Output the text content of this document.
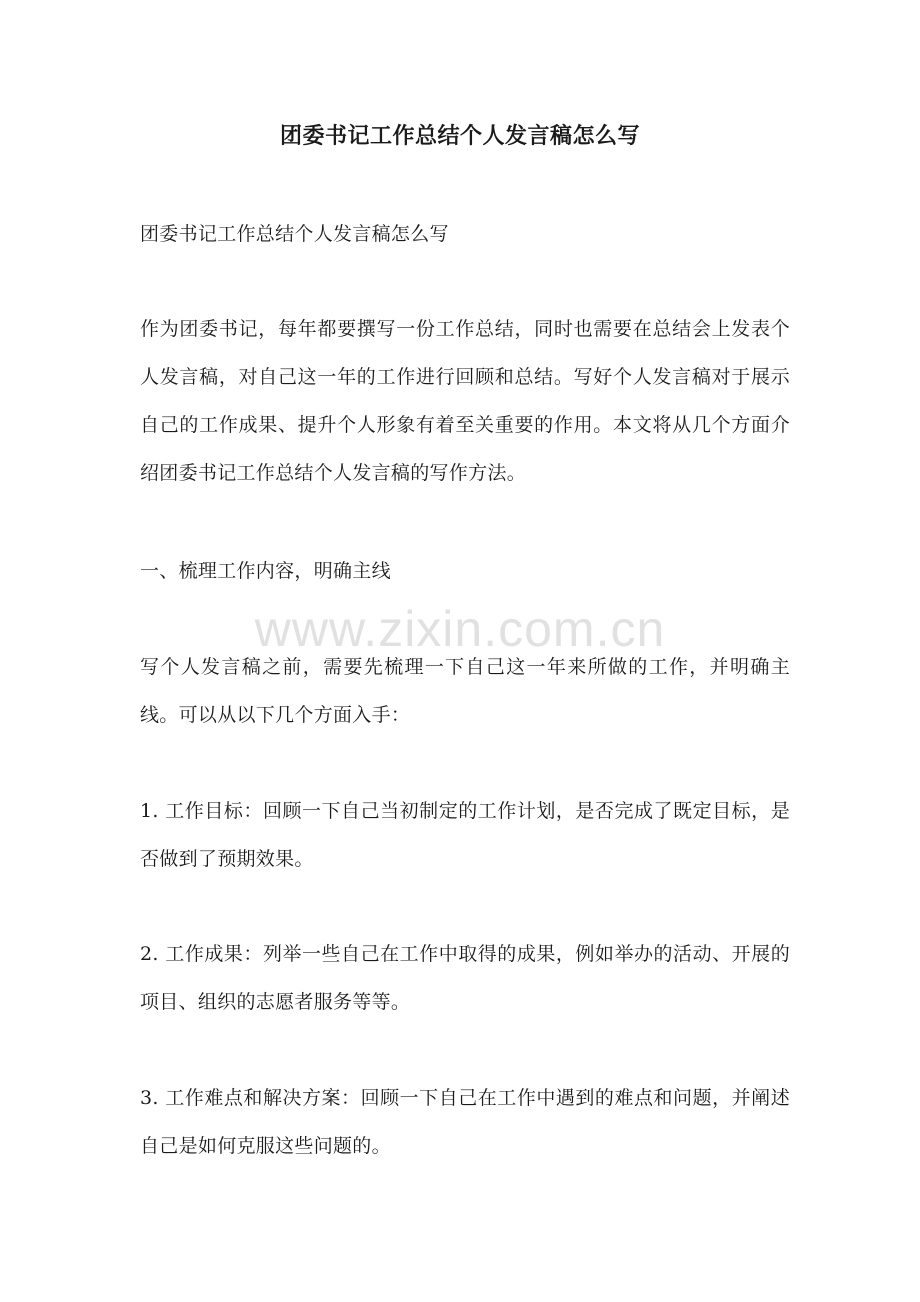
团委书记工作总结个人发言稿怎么写

团委书记工作总结个人发言稿怎么写

作为团委书记，每年都要撰写一份工作总结，同时也需要在总结会上发表个人发言稿，对自己这一年的工作进行回顾和总结。写好个人发言稿对于展示自己的工作成果、提升个人形象有着至关重要的作用。本文将从几个方面介绍团委书记工作总结个人发言稿的写作方法。

一、梳理工作内容，明确主线

写个人发言稿之前，需要先梳理一下自己这一年来所做的工作，并明确主线。可以从以下几个方面入手：

1. 工作目标：回顾一下自己当初制定的工作计划，是否完成了既定目标，是否做到了预期效果。

2. 工作成果：列举一些自己在工作中取得的成果，例如举办的活动、开展的项目、组织的志愿者服务等等。

3. 工作难点和解决方案：回顾一下自己在工作中遇到的难点和问题，并阐述自己是如何克服这些问题的。

www.zixin.com.cn
